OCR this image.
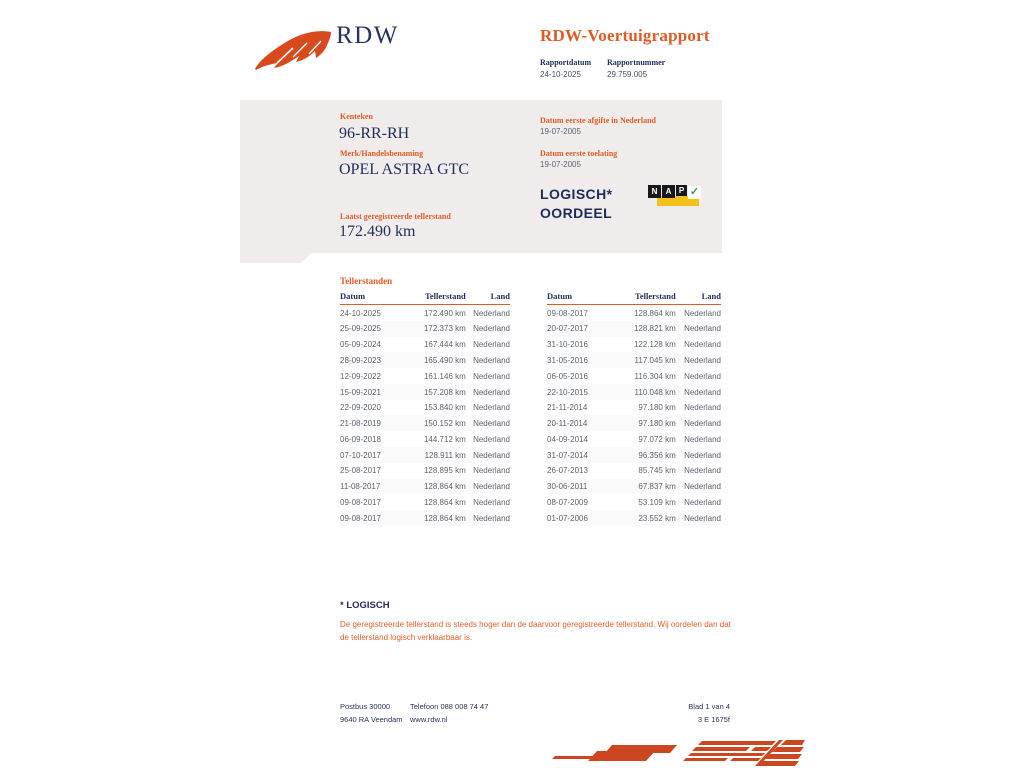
RDW	RDW-Voertuigrapport
Rapportdatum Rapportnummer
24-10-2025	29.759.005
Kenteken
96-RR-RH
Merk/Handelsbenaming
OPEL ASTRA GTC
Laatst geregistreerde tellerstand
172.490 km
Datum eerste afgifte in Nederland
19-07-2005
Datum eerste toelating
19-07-2005
LOGISCH*
OORDEEL
N	A P ✓
Tellerstanden
Datum	Tellerstand	Land
24-10-2025	172.490 km	Nederland
25-09-2025	172.373 km	Nederland
05-09-2024	167.444 km	Nederland
28-09-2023	165.490 km	Nederland
12-09-2022	161.146 km	Nederland
15-09-2021	157.208 km	Nederland
22-09-2020	153.840 km	Nederland
21-08-2019	150.152 km	Nederland
06-09-2018	144.712 km	Nederland
07-10-2017	128.911 km	Nederland
25-08-2017	128.895 km	Nederland
11-08-2017	128.864 km	Nederland
09-08-2017	128.864 km	Nederland
09-08-2017	128.864 km	Nederland
Datum	Tellerstand	Land
09-08-2017	128.864 km	Nederland
20-07-2017	128.821 km	Nederland
31-10-2016	122.128 km	Nederland
31-05-2016	117.045 km	Nederland
06-05-2016	116.304 km	Nederland
22-10-2015	110.048 km	Nederland
21-11-2014	97.180 km	Nederland
20-11-2014	97.180 km	Nederland
04-09-2014	97.072 km	Nederland
31-07-2014	96.356 km	Nederland
26-07-2013	85.745 km	Nederland
30-06-2011	67.837 km	Nederland
08-07-2009	53.109 km	Nederland
01-07-2006	23.552 km	Nederland
* LOGISCH

De geregistreerde tellerstand is steeds hoger dan de daarvoor geregistreerde tellerstand. Wij oordelen dan dat de tellerstand logisch verklaarbaar is.

Postbus 30000
9640 RA Veendam
Telefoon 088 008 74 47
www.rdw.nl
Blad 1 van 4
3 E 1675f
